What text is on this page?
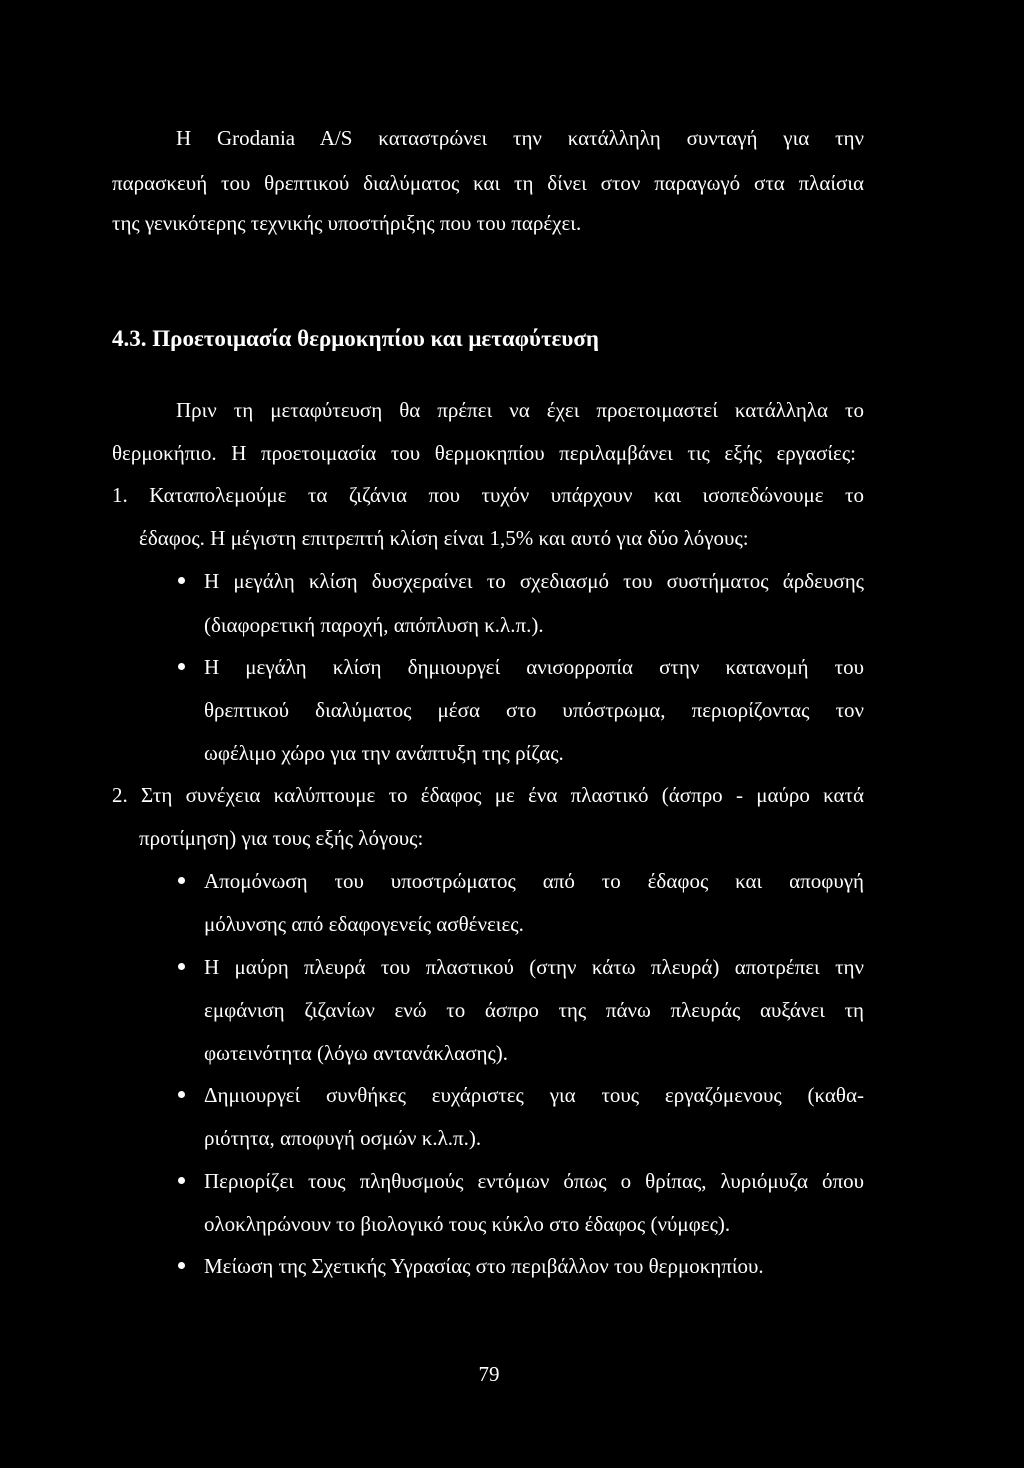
Η Grodania A/S καταστρώνει την κατάλληλη συνταγή για την
παρασκευή του θρεπτικού διαλύματος και τη δίνει στον παραγωγό στα πλαίσια
της γενικότερης τεχνικής υποστήριξης που του παρέχει.
4.3. Προετοιμασία θερμοκηπίου και μεταφύτευση
Πριν τη μεταφύτευση θα πρέπει να έχει προετοιμαστεί κατάλληλα το
θερμοκήπιο. Η προετοιμασία του θερμοκηπίου περιλαμβάνει τις εξής εργασίες:
1. Καταπολεμούμε τα ζιζάνια που τυχόν υπάρχουν και ισοπεδώνουμε το
έδαφος. Η μέγιστη επιτρεπτή κλίση είναι 1,5% και αυτό για δύο λόγους:
Η μεγάλη κλίση δυσχεραίνει το σχεδιασμό του συστήματος άρδευσης
(διαφορετική παροχή, απόπλυση κ.λ.π.).
Η μεγάλη κλίση δημιουργεί ανισορροπία στην κατανομή του
θρεπτικού διαλύματος μέσα στο υπόστρωμα, περιορίζοντας τον
ωφέλιμο χώρο για την ανάπτυξη της ρίζας.
2. Στη συνέχεια καλύπτουμε το έδαφος με ένα πλαστικό (άσπρο - μαύρο κατά
προτίμηση) για τους εξής λόγους:
Απομόνωση του υποστρώματος από το έδαφος και αποφυγή
μόλυνσης από εδαφογενείς ασθένειες.
Η μαύρη πλευρά του πλαστικού (στην κάτω πλευρά) αποτρέπει την
εμφάνιση ζιζανίων ενώ το άσπρο της πάνω πλευράς αυξάνει τη
φωτεινότητα (λόγω αντανάκλασης).
Δημιουργεί συνθήκες ευχάριστες για τους εργαζόμενους (καθα-
ριότητα, αποφυγή οσμών κ.λ.π.).
Περιορίζει τους πληθυσμούς εντόμων όπως ο θρίπας, λυριόμυζα όπου
ολοκληρώνουν το βιολογικό τους κύκλο στο έδαφος (νύμφες).
Μείωση της Σχετικής Υγρασίας στο περιβάλλον του θερμοκηπίου.
79
